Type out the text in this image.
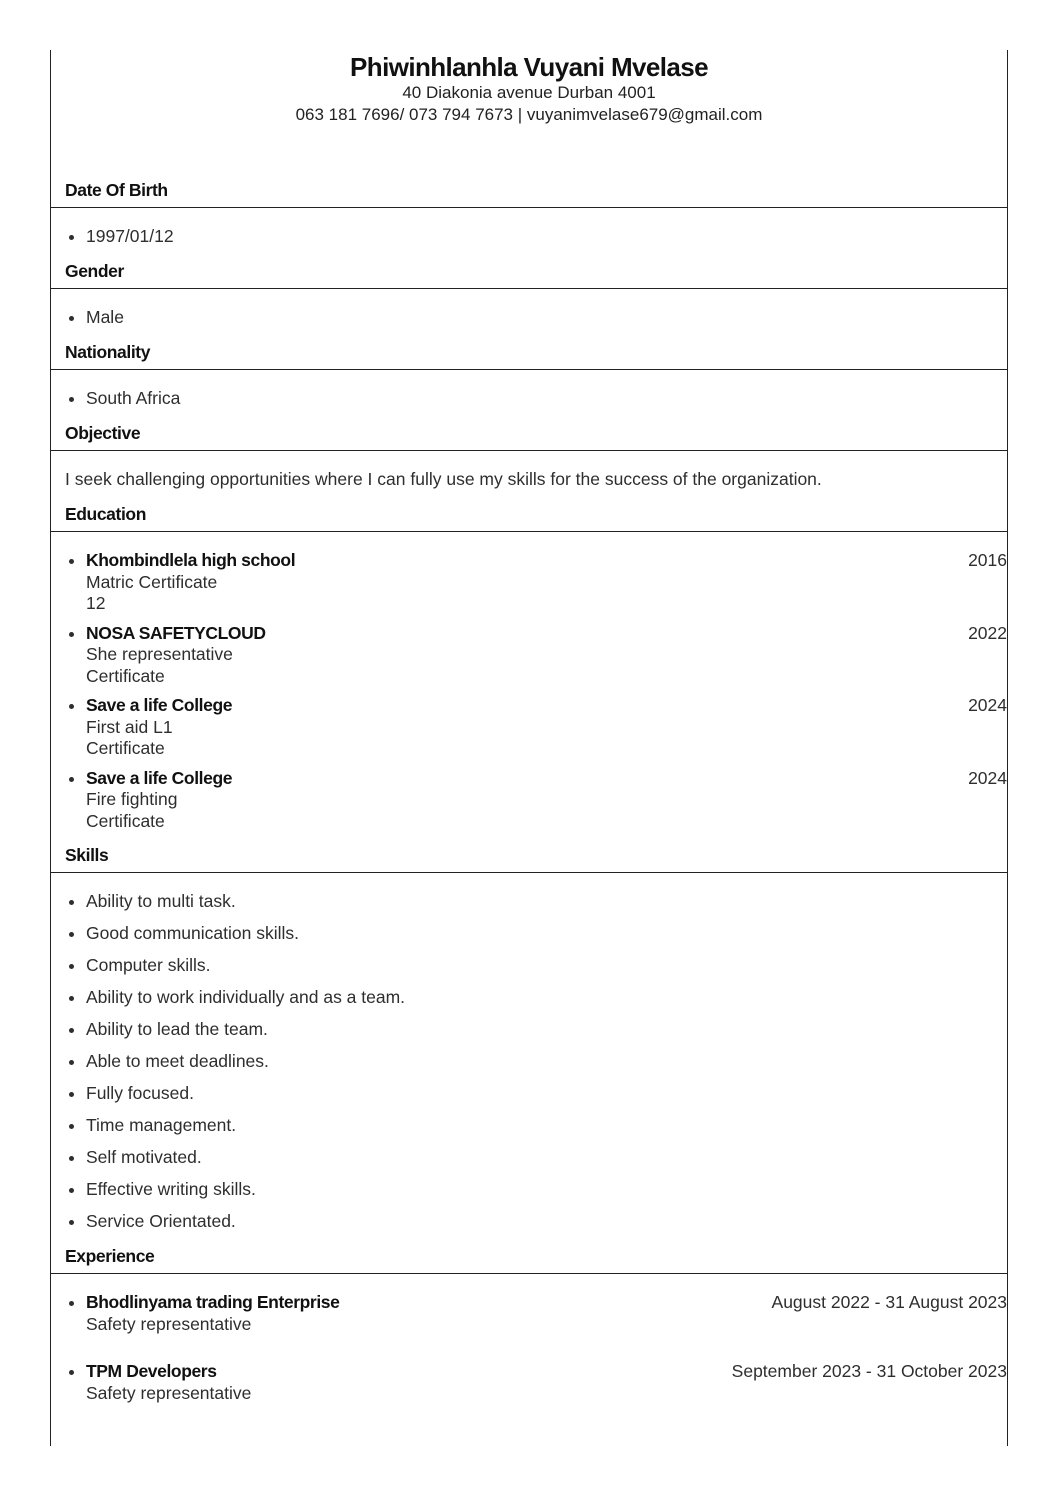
Phiwinhlanhla Vuyani Mvelase
40 Diakonia avenue Durban 4001
063 181 7696/ 073 794 7673 | vuyanimvelase679@gmail.com
Date Of Birth
• 1997/01/12
Gender
• Male
Nationality
• South Africa
Objective

I seek challenging opportunities where I can fully use my skills for the success of the organization.

Education
• Khombindlela high school	2016
Matric Certificate
12
• NOSA SAFETYCLOUD	2022
She representative
Certificate
• Save a life College	2024
First aid L1
Certificate
• Save a life College	2024
Fire fighting
Certificate
Skills
• Ability to multi task.
• Good communication skills.
• Computer skills.
• Ability to work individually and as a team.
• Ability to lead the team.
• Able to meet deadlines.
• Fully focused.
• Time management.
• Self motivated.
• Effective writing skills.
• Service Orientated.
Experience
• Bhodlinyama trading Enterprise	August 2022 - 31 August 2023
Safety representative
• TPM Developers	September 2023 - 31 October 2023
Safety representative
